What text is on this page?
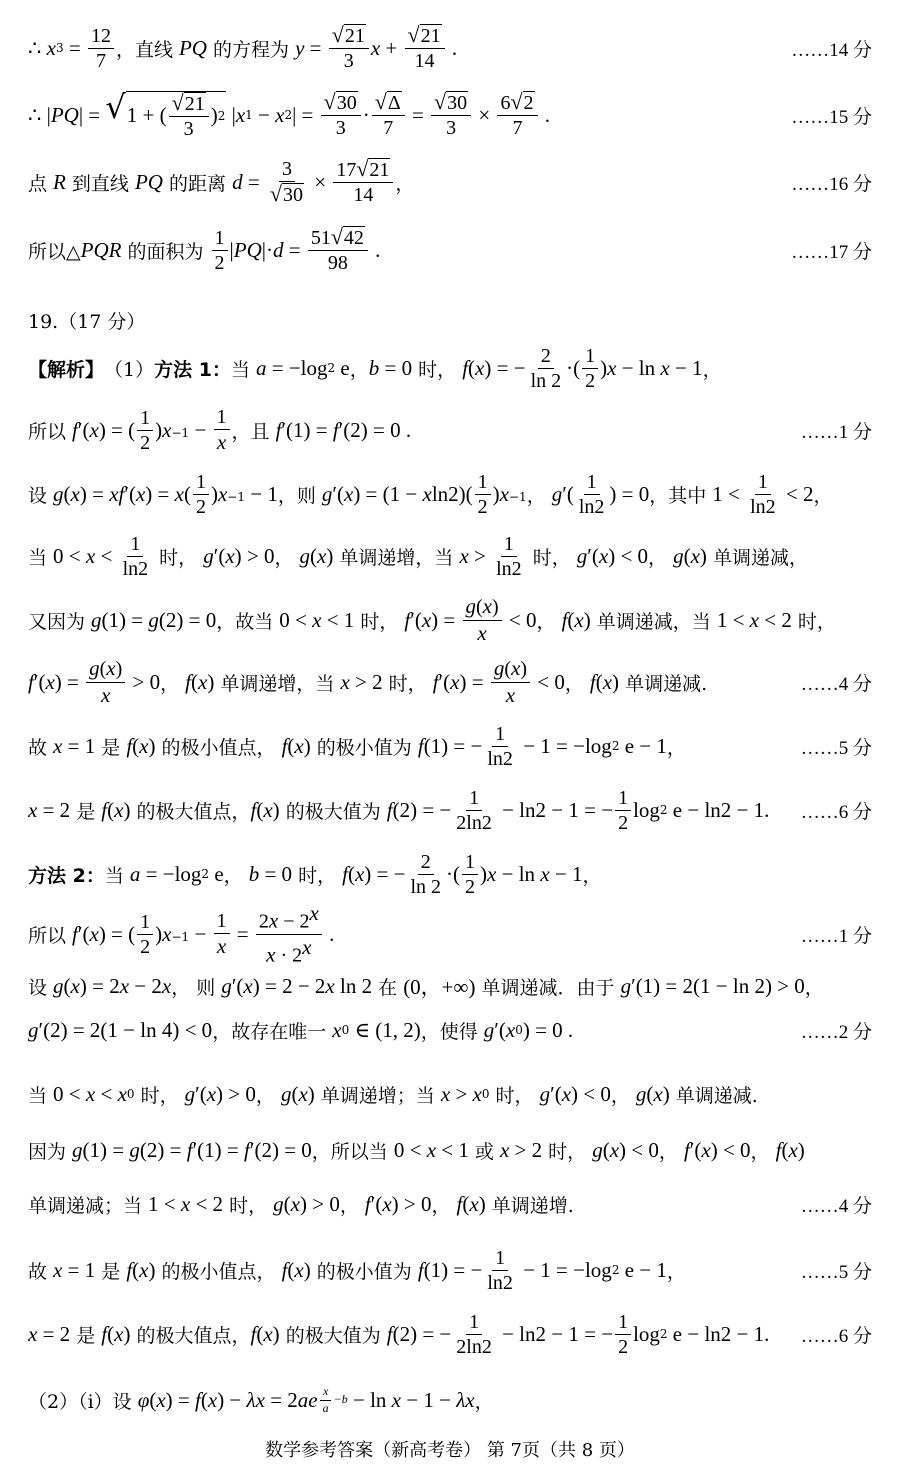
∴ x $3 = \frac{12}{7}$ ，直线 PQ 的方程为 $y = \frac{√ 21}{3}$ $x + \frac{√ 21}{14}$ .	……14 分
∴ | PQ | = √ 1 + ( $\frac{√ 21}{3}$ ) 2 | x 1 − x 2 | = $\frac{√ 30}{3} \cdot \frac{√ \Delta}{7} = \frac{√ 30}{3} \times \frac{6 √ 2}{7}$ .	……15 分
点 R 到直线 PQ 的距离 $d = \frac{3}{√ 30} \times \frac{17 √ 21}{14}$ ，	……16 分
所以△ PQR 的面积为 $\frac{1}{2}$ | PQ |· $d = \frac{51 √ 42}{98}$ .	……17 分
19.（17 分）
【解析】 （1） 方法 1： 当 a = −log 2 e ， b = 0 时， f ( x ) = − $\frac{2}{\ln 2}$ ·( $\frac{1}{2}$ ) x − ln x − 1 ，
所以 f ′( x ) = ( $\frac{1}{2}$ ) $x-1 - \frac{1}{x}$ ，且 f ′(1) = f ′(2) = 0 .	……1 分
设 g ( x ) = xf ′( x ) = x ( $\frac{1}{2}$ ) x−1 − 1 ，则 g ′( x ) = (1 − x $\ln 2)( \frac{1}{2}$ ) x−1 ， g ′( $\frac{1}{\ln 2}$ ) = 0 ，其中 $1 < \frac{1}{\ln 2} < 2$ ，
当 $0 < x < \frac{1}{\ln 2}$ 时， g ′( x ) > 0 ， g ( x ) 单调递增，当 $x > \frac{1}{\ln 2}$ 时， g ′( x ) < 0 ， g ( x ) 单调递减，
又因为 g (1) = g (2) = 0 ，故当 0 < x < 1 时， f ′( x ) = $\frac{g(x)}{x} < 0$ ， f ( x ) 单调递减，当 1 < x < 2 时，
f ′( x ) = $\frac{g(x)}{x} > 0$ ， f ( x ) 单调递增，当 x > 2 时， f ′( x ) = $\frac{g(x)}{x} < 0$ ， f ( x ) 单调递减.	……4 分
故 x = 1 是 f ( x ) 的极小值点， f ( x ) 的极小值为 f (1) = − $\frac{1}{\ln 2} - 1 = -\log$ 2 e − 1 ，	……5 分
x = 2 是 f ( x ) 的极大值点， f ( x ) 的极大值为 f (2) = − $\frac{1}{2\ln 2} - \ln 2 - 1$ = − $\frac{1}{2}$ log 2 e − ln2 − 1.	……6 分
方法 2： 当 a = −log 2 e ， b = 0 时， f ( x ) = − $\frac{2}{\ln 2}$ ·( $\frac{1}{2}$ ) x − ln x − 1 ，
所以 f ′( x ) = ( $\frac{1}{2}$ ) $x-1 - \frac{1}{x} = \frac{2x - 2^x}{x \cdot 2^x}$ .	……1 分
设 g ( x ) = 2 x − 2 x ， 则 g ′( x ) = 2 − 2 x ln 2 在 (0，+∞) 单调递减．由于 g ′(1) = 2(1 − ln 2) > 0 ，
g ′(2) = 2(1 − ln 4) < 0 ，故存在唯一 x 0 ∈ (1, 2) ，使得 g ′( x 0 ) = 0 .	……2 分
当 0 < x < x 0 时， g ′( x ) > 0 ， g ( x ) 单调递增；当 x > x 0 时， g ′( x ) < 0 ， g ( x ) 单调递减.
因为 g (1) = g (2) = f ′(1) = f ′(2) = 0 ，所以当 0 < x < 1 或 x > 2 时， g ( x ) < 0 ， f ′( x ) < 0 ， f ( x )
单调递减；当 1 < x < 2 时， g ( x ) > 0 ， f ′( x ) > 0 ， f ( x ) 单调递增.	……4 分
故 x = 1 是 f ( x ) 的极小值点， f ( x ) 的极小值为 f (1) = − $\frac{1}{\ln 2} - 1 = -\log$ 2 e − 1 ，	……5 分
x = 2 是 f ( x ) 的极大值点， f ( x ) 的极大值为 f (2) = − $\frac{1}{2\ln 2} - \ln 2 - 1$ = − $\frac{1}{2}$ log 2 e − ln2 − 1.	……6 分
（2）（i）设 φ ( x ) = f ( x ) − λx = 2 a e $\frac{x}{a} -b - \ln x - 1 - \lambda x$ ，
数学参考答案（新高考卷） 第 7页（共 8 页）
